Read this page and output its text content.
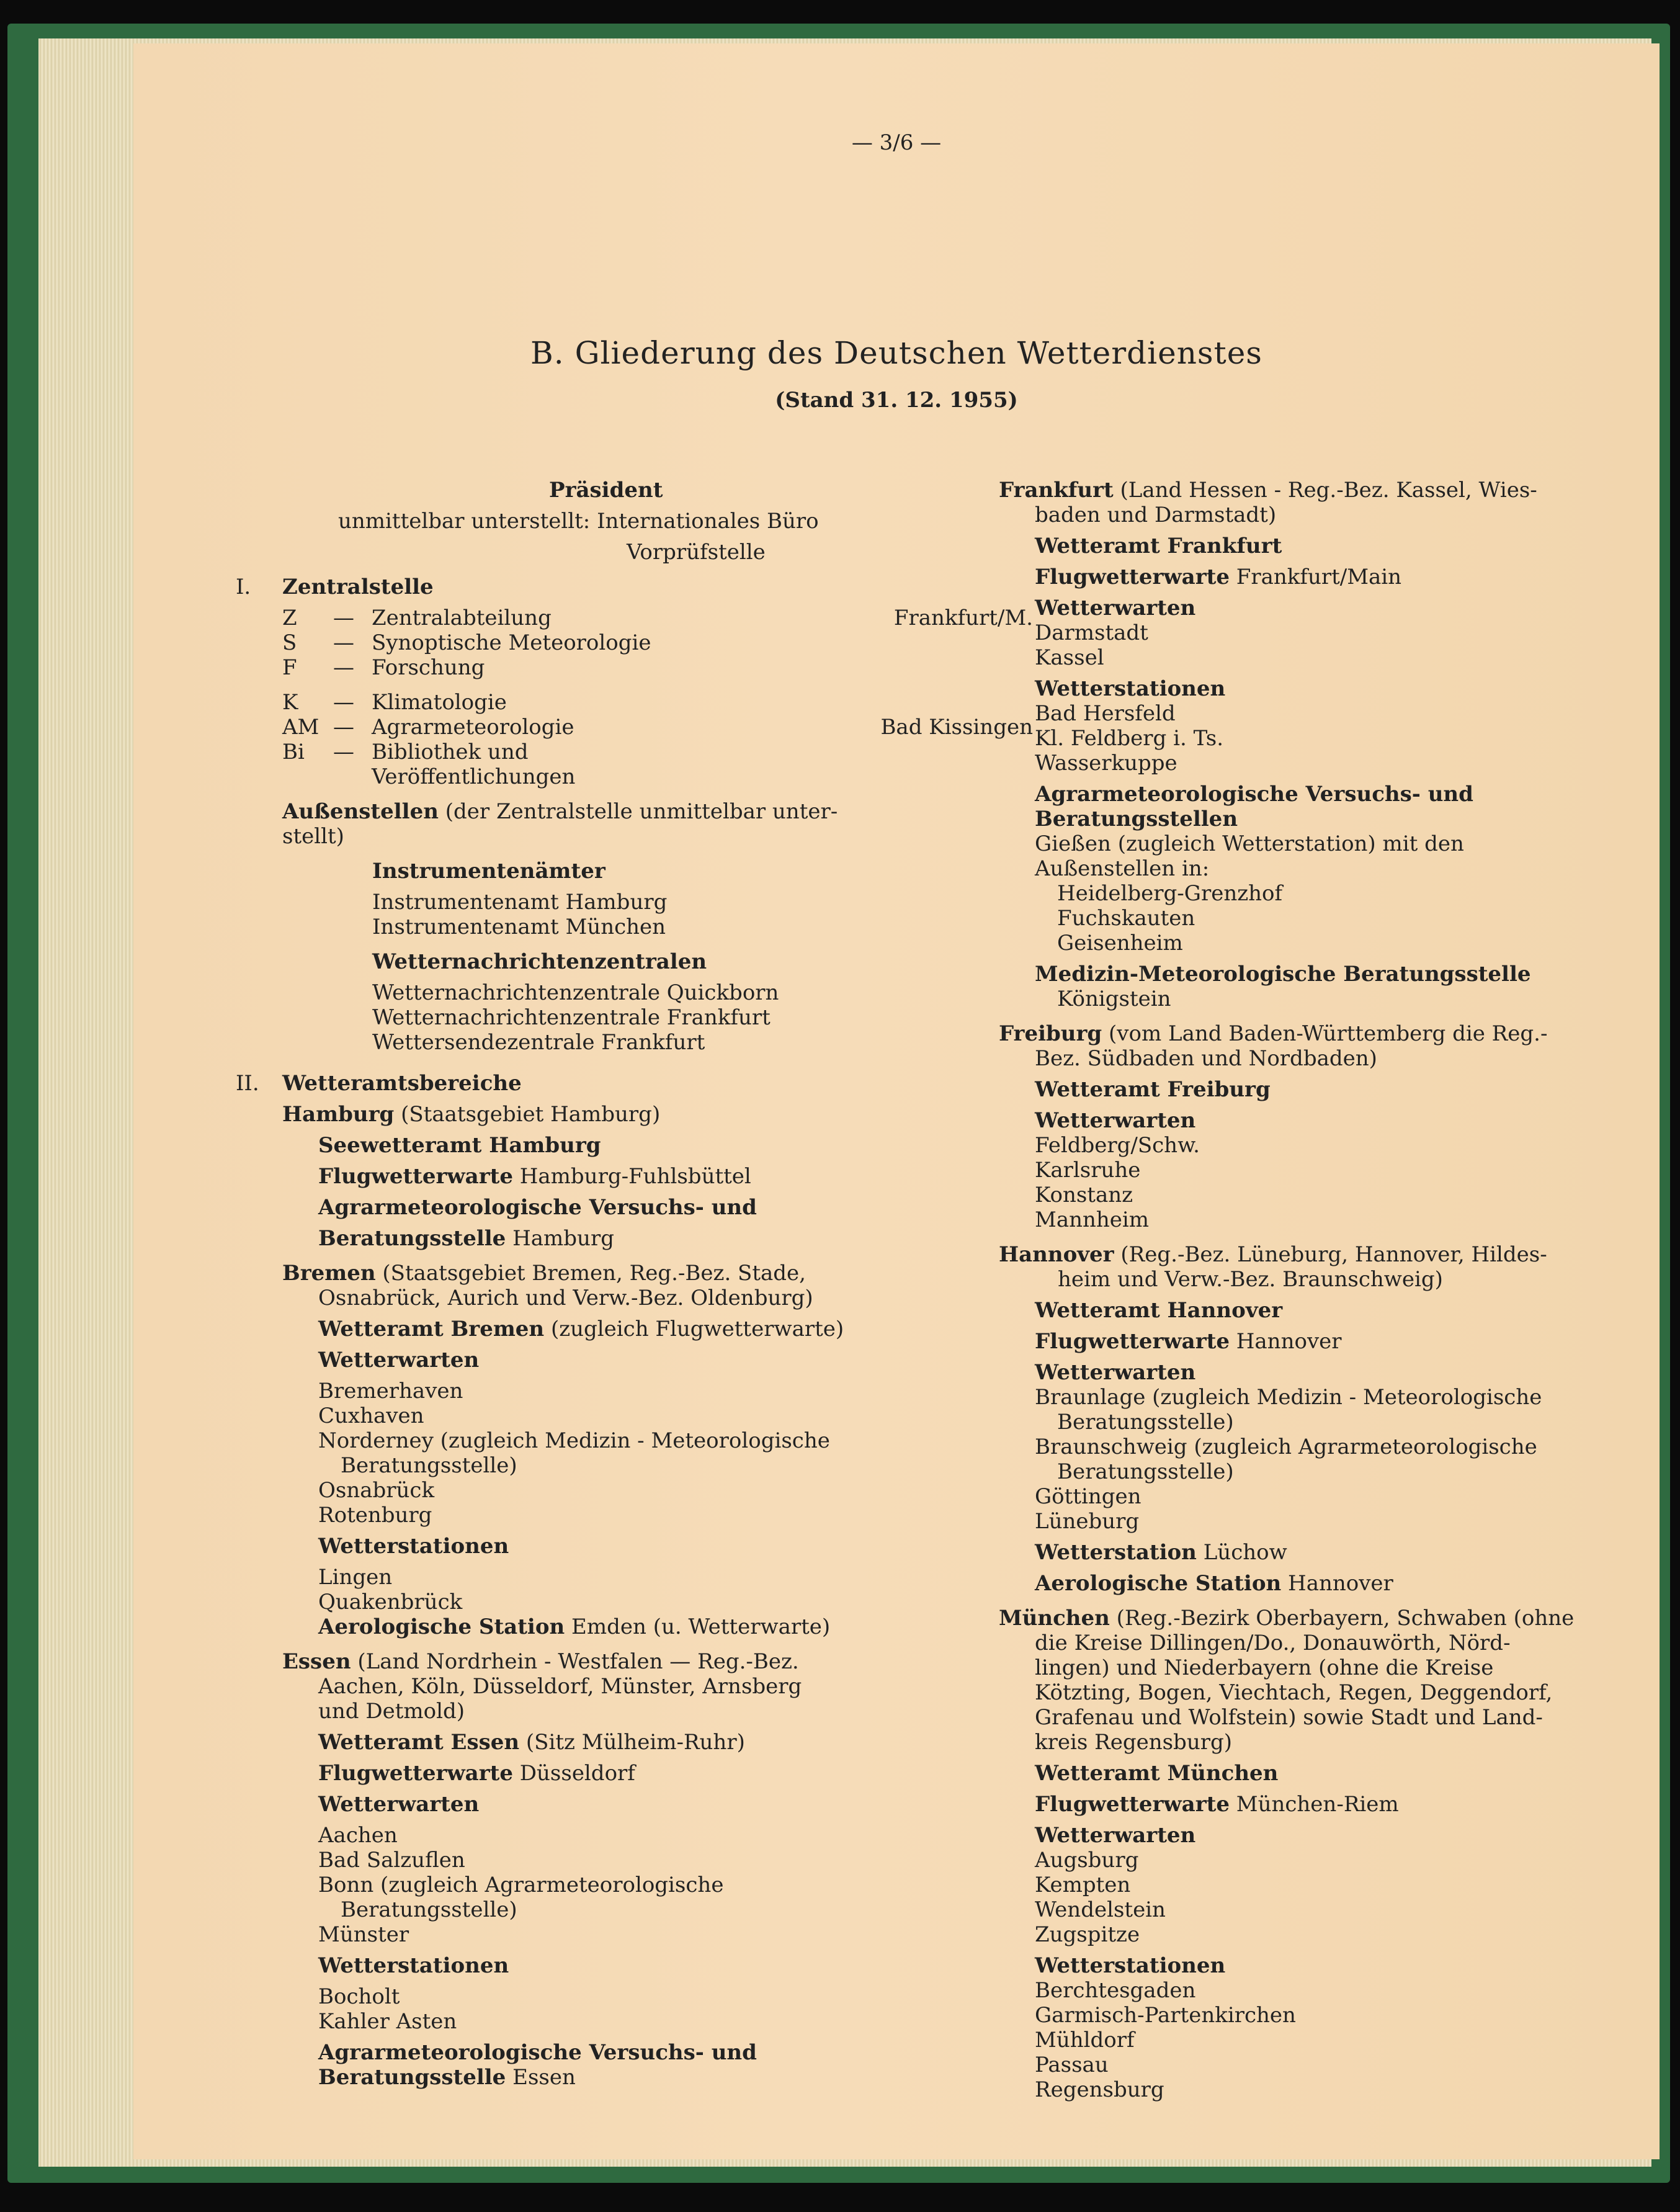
— 3/6 —
B. Gliederung des Deutschen Wetterdienstes
(Stand 31. 12. 1955)
Präsident
unmittelbar unterstellt: Internationales Büro
Vorprüfstelle
I.	Zentralstelle
Z	— Zentralabteilung	Frankfurt/M.
S	— Synoptische Meteorologie
F	— Forschung
K	— Klimatologie
AM — Agrarmeteorologie	Bad Kissingen
Bi	— Bibliothek und
Veröffentlichungen
Außenstellen (der Zentralstelle unmittelbar unter-
stellt)
Instrumentenämter
Instrumentenamt Hamburg
Instrumentenamt München
Wetternachrichtenzentralen
Wetternachrichtenzentrale Quickborn
Wetternachrichtenzentrale Frankfurt
Wettersendezentrale Frankfurt
II.	Wetteramtsbereiche
Hamburg (Staatsgebiet Hamburg)
Seewetteramt Hamburg
Flugwetterwarte Hamburg-Fuhlsbüttel
Agrarmeteorologische Versuchs- und
Beratungsstelle Hamburg
Bremen (Staatsgebiet Bremen, Reg.-Bez. Stade,
Osnabrück, Aurich und Verw.-Bez. Oldenburg)
Wetteramt Bremen (zugleich Flugwetterwarte)
Wetterwarten
Bremerhaven
Cuxhaven
Norderney (zugleich Medizin - Meteorologische
Beratungsstelle)
Osnabrück
Rotenburg
Wetterstationen
Lingen
Quakenbrück
Aerologische Station Emden (u. Wetterwarte)
Essen (Land Nordrhein - Westfalen — Reg.-Bez.
Aachen, Köln, Düsseldorf, Münster, Arnsberg
und Detmold)
Wetteramt Essen (Sitz Mülheim-Ruhr)
Flugwetterwarte Düsseldorf
Wetterwarten
Aachen
Bad Salzuflen
Bonn (zugleich Agrarmeteorologische
Beratungsstelle)
Münster
Wetterstationen
Bocholt
Kahler Asten
Agrarmeteorologische Versuchs- und
Beratungsstelle Essen
Frankfurt (Land Hessen - Reg.-Bez. Kassel, Wies-
baden und Darmstadt)
Wetteramt Frankfurt
Flugwetterwarte Frankfurt/Main
Wetterwarten
Darmstadt
Kassel
Wetterstationen
Bad Hersfeld
Kl. Feldberg i. Ts.
Wasserkuppe
Agrarmeteorologische Versuchs- und
Beratungsstellen
Gießen (zugleich Wetterstation) mit den
Außenstellen in:
Heidelberg-Grenzhof
Fuchskauten
Geisenheim
Medizin-Meteorologische Beratungsstelle
Königstein
Freiburg (vom Land Baden-Württemberg die Reg.-
Bez. Südbaden und Nordbaden)
Wetteramt Freiburg
Wetterwarten
Feldberg/Schw.
Karlsruhe
Konstanz
Mannheim
Hannover (Reg.-Bez. Lüneburg, Hannover, Hildes-
heim und Verw.-Bez. Braunschweig)
Wetteramt Hannover
Flugwetterwarte Hannover
Wetterwarten
Braunlage (zugleich Medizin - Meteorologische
Beratungsstelle)
Braunschweig (zugleich Agrarmeteorologische
Beratungsstelle)
Göttingen
Lüneburg
Wetterstation Lüchow
Aerologische Station Hannover
München (Reg.-Bezirk Oberbayern, Schwaben (ohne
die Kreise Dillingen/Do., Donauwörth, Nörd-
lingen) und Niederbayern (ohne die Kreise
Kötzting, Bogen, Viechtach, Regen, Deggendorf,
Grafenau und Wolfstein) sowie Stadt und Land-
kreis Regensburg)
Wetteramt München
Flugwetterwarte München-Riem
Wetterwarten
Augsburg
Kempten
Wendelstein
Zugspitze
Wetterstationen
Berchtesgaden
Garmisch-Partenkirchen
Mühldorf
Passau
Regensburg
